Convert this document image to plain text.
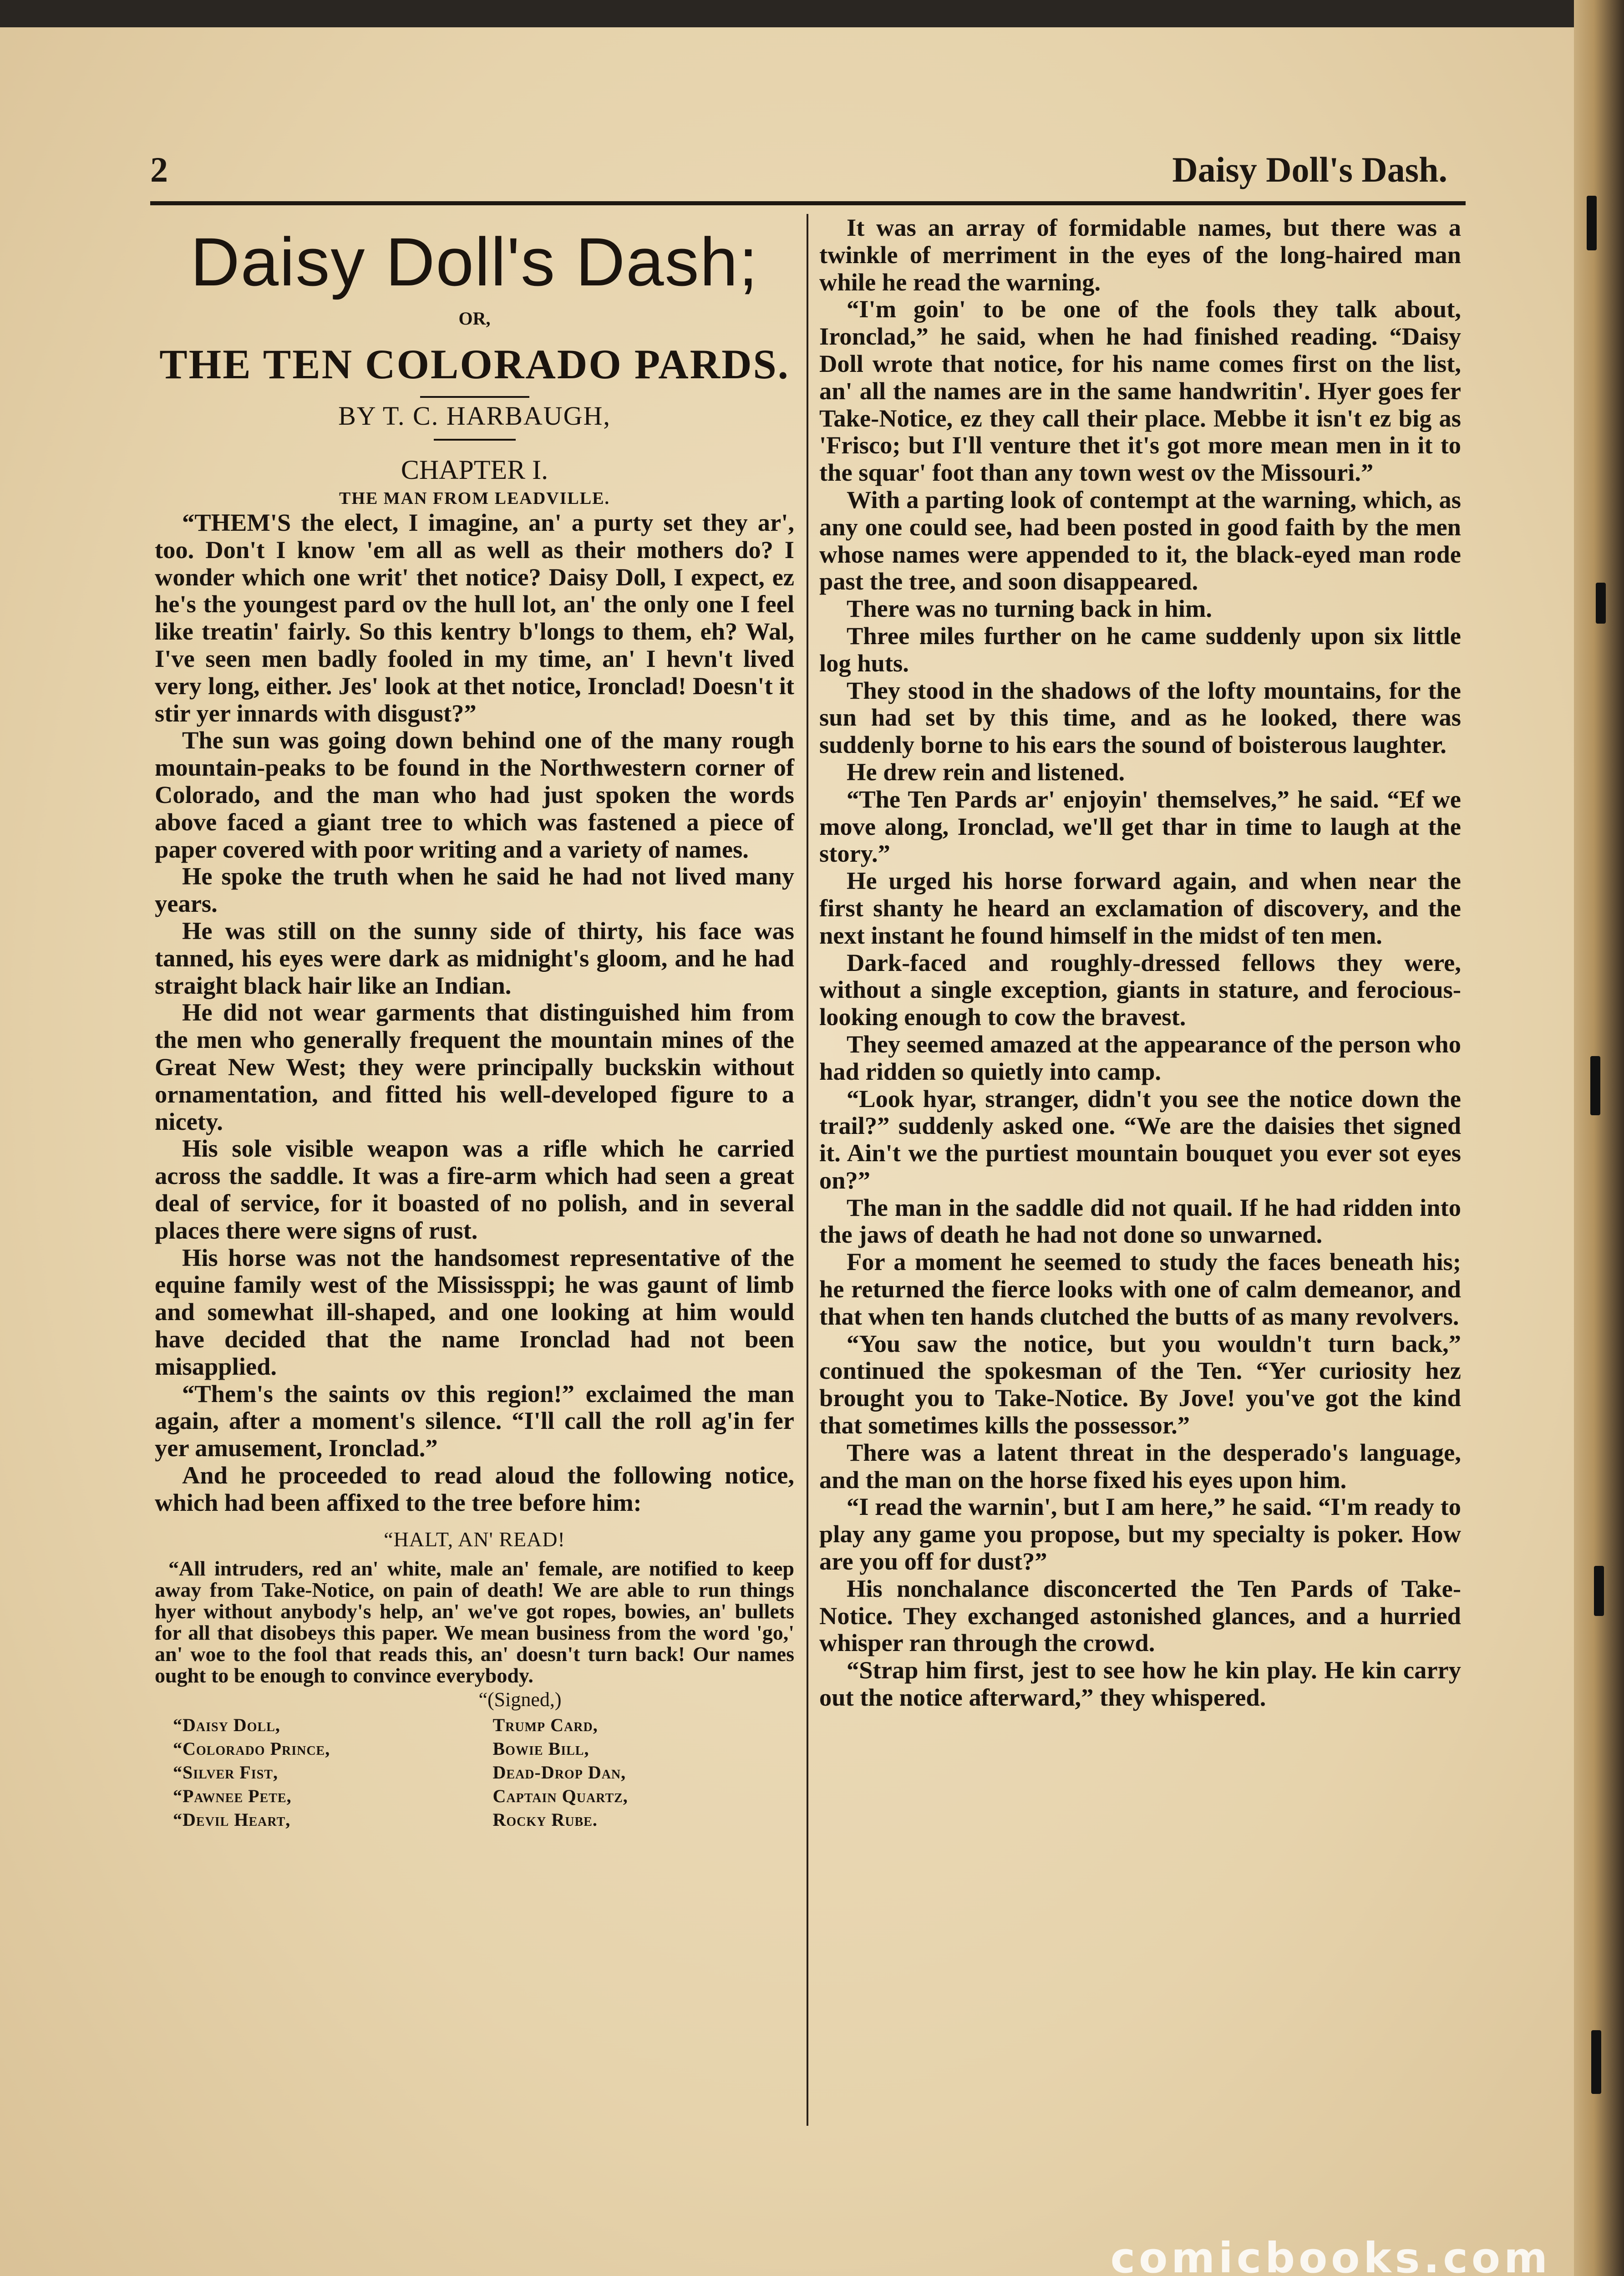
2	Daisy Doll's Dash.
Daisy Doll's Dash;
OR,
THE TEN COLORADO PARDS.
BY T. C. HARBAUGH,
CHAPTER I.
THE MAN FROM LEADVILLE.

“THEM'S the elect, I imagine, an' a purty set they ar', too. Don't I know 'em all as well as their mothers do? I wonder which one writ' thet notice? Daisy Doll, I expect, ez he's the youngest pard ov the hull lot, an' the only one I feel like treatin' fairly. So this kentry b'longs to them, eh? Wal, I've seen men badly fooled in my time, an' I hevn't lived very long, either. Jes' look at thet notice, Ironclad! Doesn't it stir yer innards with disgust?”

The sun was going down behind one of the many rough mountain-peaks to be found in the Northwestern corner of Colorado, and the man who had just spoken the words above faced a giant tree to which was fastened a piece of paper covered with poor writing and a variety of names.

He spoke the truth when he said he had not lived many years.

He was still on the sunny side of thirty, his face was tanned, his eyes were dark as midnight's gloom, and he had straight black hair like an Indian.

He did not wear garments that distinguished him from the men who generally frequent the mountain mines of the Great New West; they were principally buckskin without ornamentation, and fitted his well-developed figure to a nicety.

His sole visible weapon was a rifle which he carried across the saddle. It was a fire-arm which had seen a great deal of service, for it boasted of no polish, and in several places there were signs of rust.

His horse was not the handsomest representative of the equine family west of the Mississppi; he was gaunt of limb and somewhat ill-shaped, and one looking at him would have decided that the name Ironclad had not been misapplied.

“Them's the saints ov this region!” exclaimed the man again, after a moment's silence. “I'll call the roll ag'in fer yer amusement, Ironclad.”

And he proceeded to read aloud the following notice, which had been affixed to the tree before him:

“HALT, AN' READ!

“All intruders, red an' white, male an' female, are notified to keep away from Take-Notice, on pain of death! We are able to run things hyer without anybody's help, an' we've got ropes, bowies, an' bullets for all that disobeys this paper. We mean business from the word 'go,' an' woe to the fool that reads this, an' doesn't turn back! Our names ought to be enough to convince everybody.

“(Signed,)
“Daisy Doll,	Trump Card,
“Colorado Prince,	Bowie Bill,
“Silver Fist,	Dead-Drop Dan,
“Pawnee Pete,	Captain Quartz,
“Devil Heart,	Rocky Rube.

It was an array of formidable names, but there was a twinkle of merriment in the eyes of the long-haired man while he read the warning.

“I'm goin' to be one of the fools they talk about, Ironclad,” he said, when he had finished reading. “Daisy Doll wrote that notice, for his name comes first on the list, an' all the names are in the same handwritin'. Hyer goes fer Take-Notice, ez they call their place. Mebbe it isn't ez big as 'Frisco; but I'll venture thet it's got more mean men in it to the squar' foot than any town west ov the Missouri.”

With a parting look of contempt at the warning, which, as any one could see, had been posted in good faith by the men whose names were appended to it, the black-eyed man rode past the tree, and soon disappeared.

There was no turning back in him.

Three miles further on he came suddenly upon six little log huts.

They stood in the shadows of the lofty mountains, for the sun had set by this time, and as he looked, there was suddenly borne to his ears the sound of boisterous laughter.

He drew rein and listened.

“The Ten Pards ar' enjoyin' themselves,” he said. “Ef we move along, Ironclad, we'll get thar in time to laugh at the story.”

He urged his horse forward again, and when near the first shanty he heard an exclamation of discovery, and the next instant he found himself in the midst of ten men.

Dark-faced and roughly-dressed fellows they were, without a single exception, giants in stature, and ferocious-looking enough to cow the bravest.

They seemed amazed at the appearance of the person who had ridden so quietly into camp.

“Look hyar, stranger, didn't you see the notice down the trail?” suddenly asked one. “We are the daisies thet signed it. Ain't we the purtiest mountain bouquet you ever sot eyes on?”

The man in the saddle did not quail. If he had ridden into the jaws of death he had not done so unwarned.

For a moment he seemed to study the faces beneath his; he returned the fierce looks with one of calm demeanor, and that when ten hands clutched the butts of as many revolvers.

“You saw the notice, but you wouldn't turn back,” continued the spokesman of the Ten. “Yer curiosity hez brought you to Take-Notice. By Jove! you've got the kind that sometimes kills the possessor.”

There was a latent threat in the desperado's language, and the man on the horse fixed his eyes upon him.

“I read the warnin', but I am here,” he said. “I'm ready to play any game you propose, but my specialty is poker. How are you off for dust?”

His nonchalance disconcerted the Ten Pards of Take-Notice. They exchanged astonished glances, and a hurried whisper ran through the crowd.

“Strap him first, jest to see how he kin play. He kin carry out the notice afterward,” they whispered.

comicbooks.com
